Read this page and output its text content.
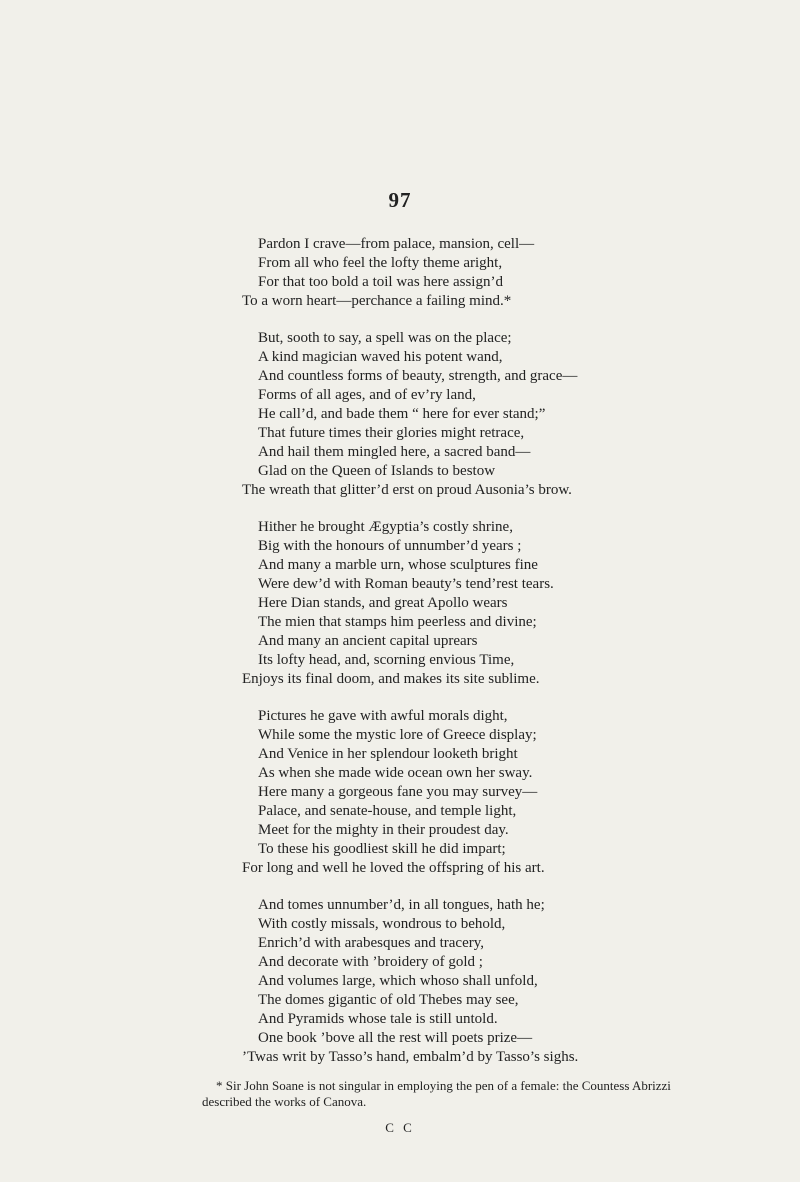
97
Pardon I crave—from palace, mansion, cell—
From all who feel the lofty theme aright,
For that too bold a toil was here assign’d
To a worn heart—perchance a failing mind.*
But, sooth to say, a spell was on the place;
A kind magician waved his potent wand,
And countless forms of beauty, strength, and grace—
Forms of all ages, and of ev’ry land,
He call’d, and bade them “ here for ever stand;”
That future times their glories might retrace,
And hail them mingled here, a sacred band—
Glad on the Queen of Islands to bestow
The wreath that glitter’d erst on proud Ausonia’s brow.
Hither he brought Ægyptia’s costly shrine,
Big with the honours of unnumber’d years ;
And many a marble urn, whose sculptures fine
Were dew’d with Roman beauty’s tend’rest tears.
Here Dian stands, and great Apollo wears
The mien that stamps him peerless and divine;
And many an ancient capital uprears
Its lofty head, and, scorning envious Time,
Enjoys its final doom, and makes its site sublime.
Pictures he gave with awful morals dight,
While some the mystic lore of Greece display;
And Venice in her splendour looketh bright
As when she made wide ocean own her sway.
Here many a gorgeous fane you may survey—
Palace, and senate-house, and temple light,
Meet for the mighty in their proudest day.
To these his goodliest skill he did impart;
For long and well he loved the offspring of his art.
And tomes unnumber’d, in all tongues, hath he;
With costly missals, wondrous to behold,
Enrich’d with arabesques and tracery,
And decorate with ’broidery of gold ;
And volumes large, which whoso shall unfold,
The domes gigantic of old Thebes may see,
And Pyramids whose tale is still untold.
One book ’bove all the rest will poets prize—
’Twas writ by Tasso’s hand, embalm’d by Tasso’s sighs.
* Sir John Soane is not singular in employing the pen of a female: the Countess Abrizzi
described the works of Canova.
C C
